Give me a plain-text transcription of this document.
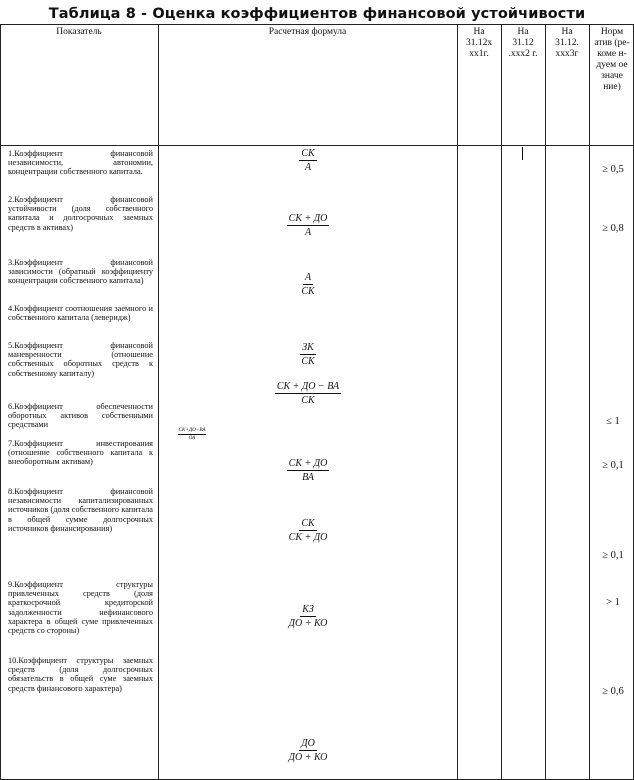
Таблица 8 - Оценка коэффициентов финансовой устойчивости
Показатель	Расчетная формула	На 31.12х хх1г.
На 31.12 .ххх2 г.
На 31.12. ххх3г
Норм атив (ре- коме н- дуем ое значе ние)
1.Коэффициент финансовой независимости, автономии, концентрации собственного капитала.
2.Коэффициент финансовой устойчивости (доля собственного капитала и долгосрочных заемных средств в активах)
3.Коэффициент финансовой зависимости (обратный коэффициенту концентрации собственного капитала)
4.Коэффициент соотношения заемного и собственного капитала (леверидж)
5.Коэффициент финансовой маневренности (отношение собственных оборотных средств к собственному капиталу)
6.Коэффициент обеспеченности оборотных активов собственными средствами
7.Коэффициент инвестирования (отношение собственного капитала к внеоборотным активам)
8.Коэффициент финансовой независимости капитализированных источников (доля собственного капитала в общей сумме долгосрочных источников финансирования)
9.Коэффициент структуры привлеченных средств (доля краткосрочной кредиторской задолженности нефинансового характера в общей суме привлеченных средств со стороны)
10.Коэффициент структуры заемных средств (доля долгосрочных обязательств в общей суме заемных средств финансового характера)
СК
А
СК + ДО
А
А
СК
ЗК
СК
СК + ДО − ВА
СК
СК + ДО
ВА
СК
СК + ДО
КЗ
ДО + КО
ДО
ДО + КО
СК+ДО−ВА
ОА
≥ 0,5
≥ 0,8
≤ 1
≥ 0,1
≥ 0,1
> 1
≥ 0,6
